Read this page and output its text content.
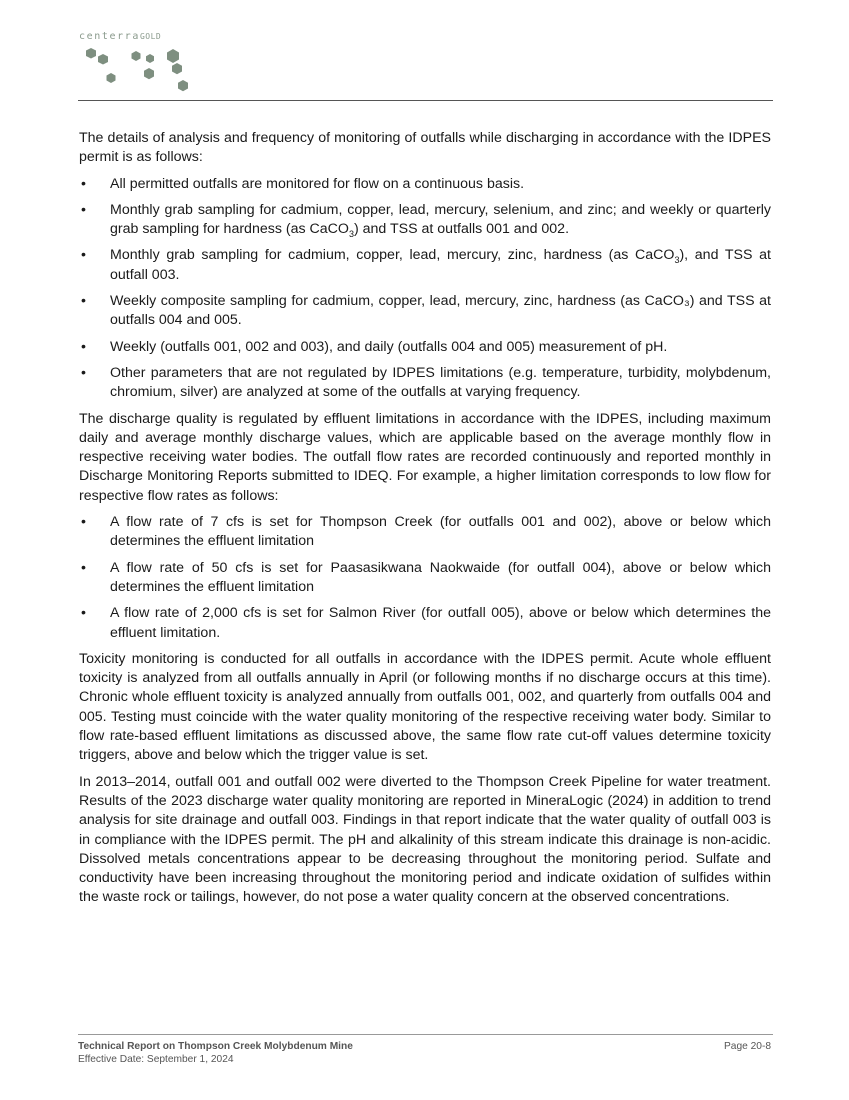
centerraGOLD

The details of analysis and frequency of monitoring of outfalls while discharging in accordance with the IDPES permit is as follows:

• All permitted outfalls are monitored for flow on a continuous basis.
• Monthly grab sampling for cadmium, copper, lead, mercury, selenium, and zinc; and weekly or quarterly grab sampling for hardness (as CaCO$_3$) and TSS at outfalls 001 and 002.
• Monthly grab sampling for cadmium, copper, lead, mercury, zinc, hardness (as CaCO$_3$), and TSS at outfall 003.
• Weekly composite sampling for cadmium, copper, lead, mercury, zinc, hardness (as CaCO₃) and TSS at outfalls 004 and 005.
• Weekly (outfalls 001, 002 and 003), and daily (outfalls 004 and 005) measurement of pH.
• Other parameters that are not regulated by IDPES limitations (e.g. temperature, turbidity, molybdenum, chromium, silver) are analyzed at some of the outfalls at varying frequency.

The discharge quality is regulated by effluent limitations in accordance with the IDPES, including maximum daily and average monthly discharge values, which are applicable based on the average monthly flow in respective receiving water bodies. The outfall flow rates are recorded continuously and reported monthly in Discharge Monitoring Reports submitted to IDEQ. For example, a higher limitation corresponds to low flow for respective flow rates as follows:

• A flow rate of 7 cfs is set for Thompson Creek (for outfalls 001 and 002), above or below which determines the effluent limitation
• A flow rate of 50 cfs is set for Paasasikwana Naokwaide (for outfall 004), above or below which determines the effluent limitation
• A flow rate of 2,000 cfs is set for Salmon River (for outfall 005), above or below which determines the effluent limitation.

Toxicity monitoring is conducted for all outfalls in accordance with the IDPES permit. Acute whole effluent toxicity is analyzed from all outfalls annually in April (or following months if no discharge occurs at this time). Chronic whole effluent toxicity is analyzed annually from outfalls 001, 002, and quarterly from outfalls 004 and 005. Testing must coincide with the water quality monitoring of the respective receiving water body. Similar to flow rate-based effluent limitations as discussed above, the same flow rate cut-off values determine toxicity triggers, above and below which the trigger value is set.

In 2013–2014, outfall 001 and outfall 002 were diverted to the Thompson Creek Pipeline for water treatment. Results of the 2023 discharge water quality monitoring are reported in MineraLogic (2024) in addition to trend analysis for site drainage and outfall 003. Findings in that report indicate that the water quality of outfall 003 is in compliance with the IDPES permit. The pH and alkalinity of this stream indicate this drainage is non-acidic. Dissolved metals concentrations appear to be decreasing throughout the monitoring period. Sulfate and conductivity have been increasing throughout the monitoring period and indicate oxidation of sulfides within the waste rock or tailings, however, do not pose a water quality concern at the observed concentrations.

Technical Report on Thompson Creek Molybdenum Mine
Effective Date: September 1, 2024
Page 20-8
